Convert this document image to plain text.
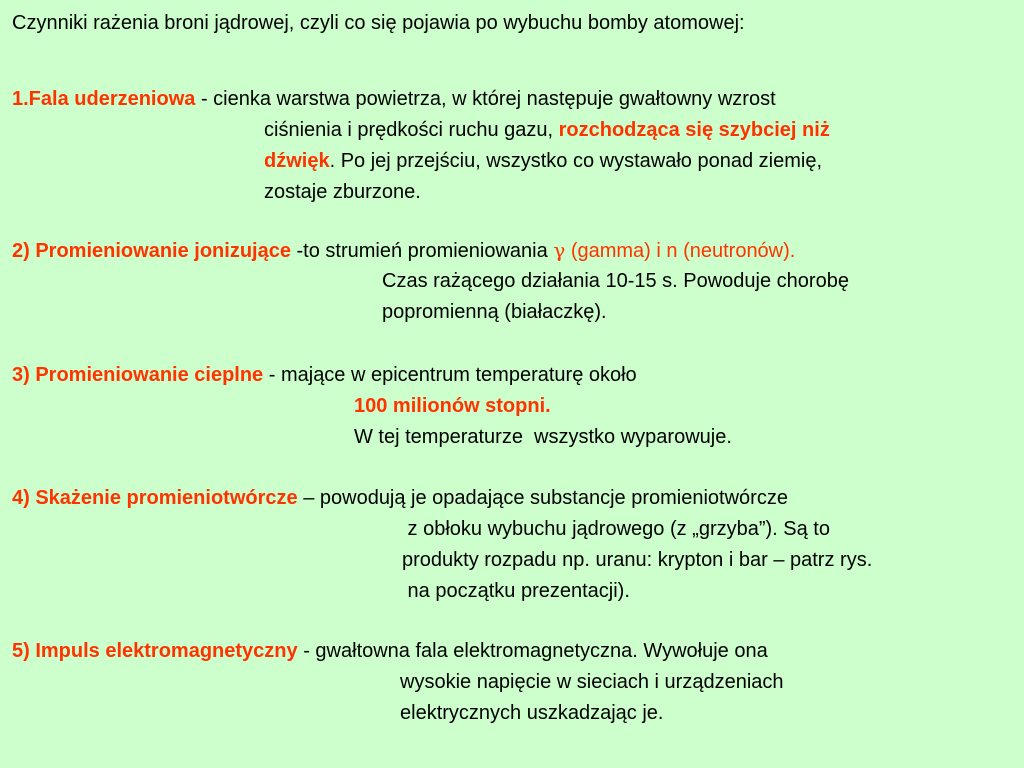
Czynniki rażenia broni jądrowej, czyli co się pojawia po wybuchu bomby atomowej:
1.Fala uderzeniowa - cienka warstwa powietrza, w której następuje gwałtowny wzrost
ciśnienia i prędkości ruchu gazu, rozchodząca się szybciej niż
dźwięk. Po jej przejściu, wszystko co wystawało ponad ziemię,
zostaje zburzone.
2) Promieniowanie jonizujące -to strumień promieniowania γ (gamma) i n (neutronów).
Czas rażącego działania 10-15 s. Powoduje chorobę
popromienną (białaczkę).
3) Promieniowanie cieplne - mające w epicentrum temperaturę około
100 milionów stopni.
W tej temperaturze  wszystko wyparowuje.
4) Skażenie promieniotwórcze – powodują je opadające substancje promieniotwórcze
z obłoku wybuchu jądrowego (z „grzyba”). Są to
produkty rozpadu np. uranu: krypton i bar – patrz rys.
na początku prezentacji).
5) Impuls elektromagnetyczny - gwałtowna fala elektromagnetyczna. Wywołuje ona
wysokie napięcie w sieciach i urządzeniach
elektrycznych uszkadzając je.
